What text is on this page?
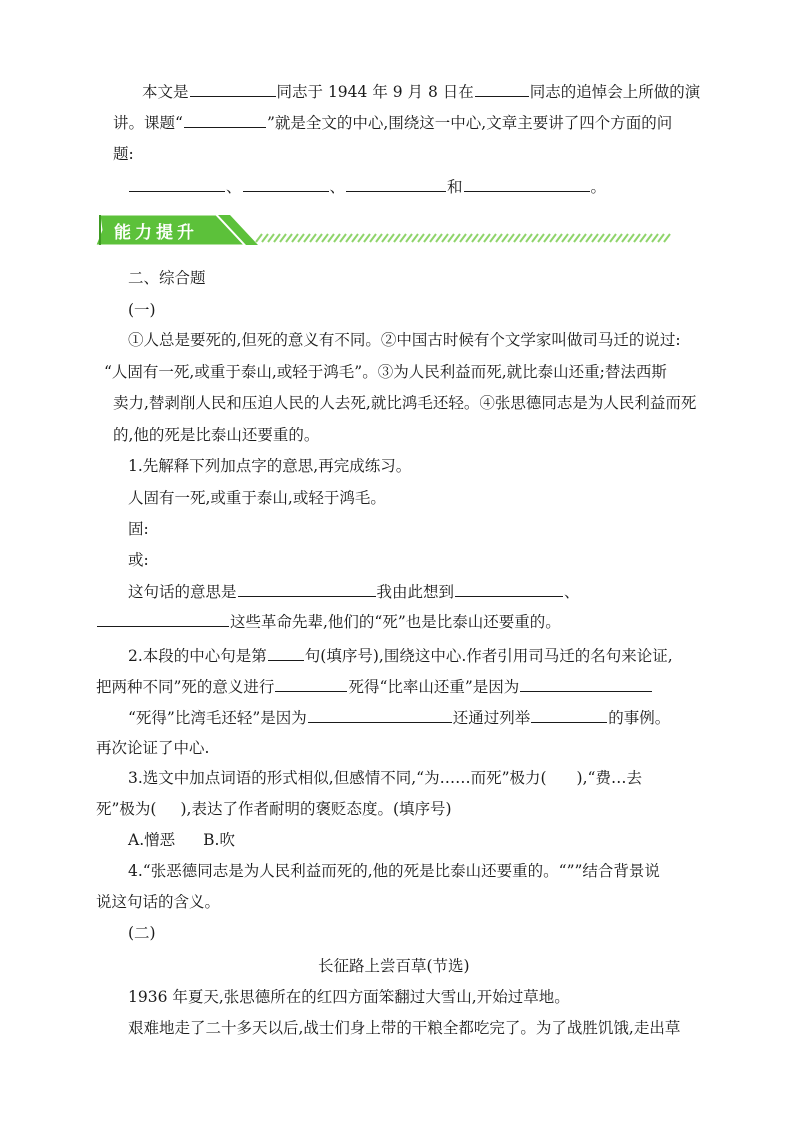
本文是	同志于 1944 年 9 月 8 日在	同志的追悼会上所做的演
讲。课题“	”就是全文的中心,围绕这一中心,文章主要讲了四个方面的问
题:
、	、	和	。
能力提升
二、综合题
(一)
①人总是要死的,但死的意义有不同。②中国古时候有个文学家叫做司马迁的说过:
“人固有一死,或重于泰山,或轻于鸿毛”。③为人民利益而死,就比泰山还重;替法西斯
卖力,替剥削人民和压迫人民的人去死,就比鸿毛还轻。④张思德同志是为人民利益而死
的,他的死是比泰山还要重的。
1.先解释下列加点字的意思,再完成练习。
人固有一死,或重于泰山,或轻于鸿毛。
固:
或:
这句话的意思是	我由此想到	、
这些革命先辈,他们的“死”也是比泰山还要重的。
2.本段的中心句是第 句(填序号),围绕这中心.作者引用司马迁的名句来论证,
把两种不同”死的意义进行	死得“比率山还重”是因为
“死得”比湾毛还轻”是因为	还通过列举	的事例。
再次论证了中心.
3.选文中加点词语的形式相似,但感情不同,“为……而死”极力( ),“费…去
死”极为( ),表达了作者耐明的褒贬态度。(填序号)
A.憎恶 B.吹
4.“张恶德同志是为人民利益而死的,他的死是比泰山还要重的。“””结合背景说
说这句话的含义。
(二)
长征路上尝百草(节选)
1936 年夏天,张思德所在的红四方面笨翻过大雪山,开始过草地。
艰难地走了二十多天以后,战士们身上带的干粮全都吃完了。为了战胜饥饿,走出草
